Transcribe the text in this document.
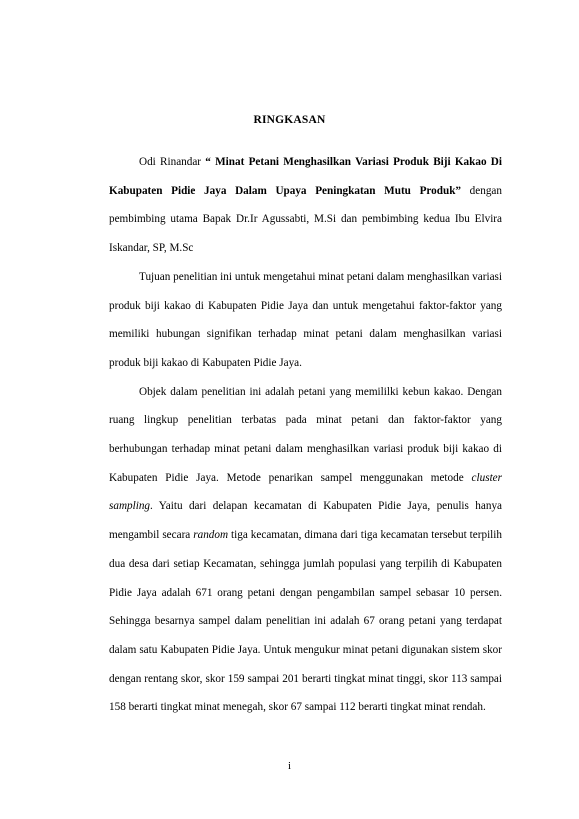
RINGKASAN

Odi Rinandar “ Minat Petani Menghasilkan Variasi Produk Biji Kakao Di Kabupaten Pidie Jaya Dalam Upaya Peningkatan Mutu Produk” dengan pembimbing utama Bapak Dr.Ir Agussabti, M.Si dan pembimbing kedua Ibu Elvira Iskandar, SP, M.Sc

Tujuan penelitian ini untuk mengetahui minat petani dalam menghasilkan variasi produk biji kakao di Kabupaten Pidie Jaya dan untuk mengetahui faktor-faktor yang memiliki hubungan signifikan terhadap minat petani dalam menghasilkan variasi produk biji kakao di Kabupaten Pidie Jaya.

Objek dalam penelitian ini adalah petani yang memililki kebun kakao. Dengan ruang lingkup penelitian terbatas pada minat petani dan faktor-faktor yang berhubungan terhadap minat petani dalam menghasilkan variasi produk biji kakao di Kabupaten Pidie Jaya. Metode penarikan sampel menggunakan metode cluster sampling. Yaitu dari delapan kecamatan di Kabupaten Pidie Jaya, penulis hanya mengambil secara random tiga kecamatan, dimana dari tiga kecamatan tersebut terpilih dua desa dari setiap Kecamatan, sehingga jumlah populasi yang terpilih di Kabupaten Pidie Jaya adalah 671 orang petani dengan pengambilan sampel sebasar 10 persen. Sehingga besarnya sampel dalam penelitian ini adalah 67 orang petani yang terdapat dalam satu Kabupaten Pidie Jaya. Untuk mengukur minat petani digunakan sistem skor dengan rentang skor, skor 159 sampai 201 berarti tingkat minat tinggi, skor 113 sampai 158 berarti tingkat minat menegah, skor 67 sampai 112 berarti tingkat minat rendah.

i
